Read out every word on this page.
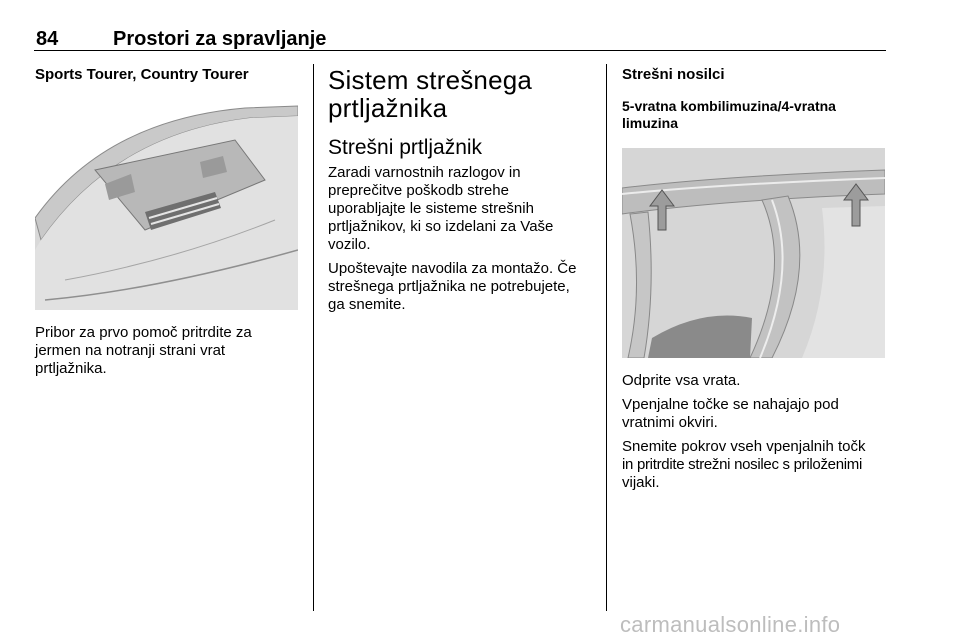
84	Prostori za spravljanje

Sports Tourer, Country Tourer

Pribor za prvo pomoč pritrdite za

jermen na notranji strani vrat

prtljažnika.

Sistem strešnega
prtljažnika
Strešni prtljažnik

Zaradi varnostnih razlogov in

preprečitve poškodb strehe

uporabljajte le sisteme strešnih

prtljažnikov, ki so izdelani za Vaše

vozilo.

Upoštevajte navodila za montažo. Če

strešnega prtljažnika ne potrebujete,

ga snemite.

Strešni nosilci

5-vratna kombilimuzina/4-vratna

limuzina

Odprite vsa vrata.

Vpenjalne točke se nahajajo pod

vratnimi okviri.

Snemite pokrov vseh vpenjalnih točk

in pritrdite strežni nosilec s priloženimi

vijaki.

carmanualsonline.info
